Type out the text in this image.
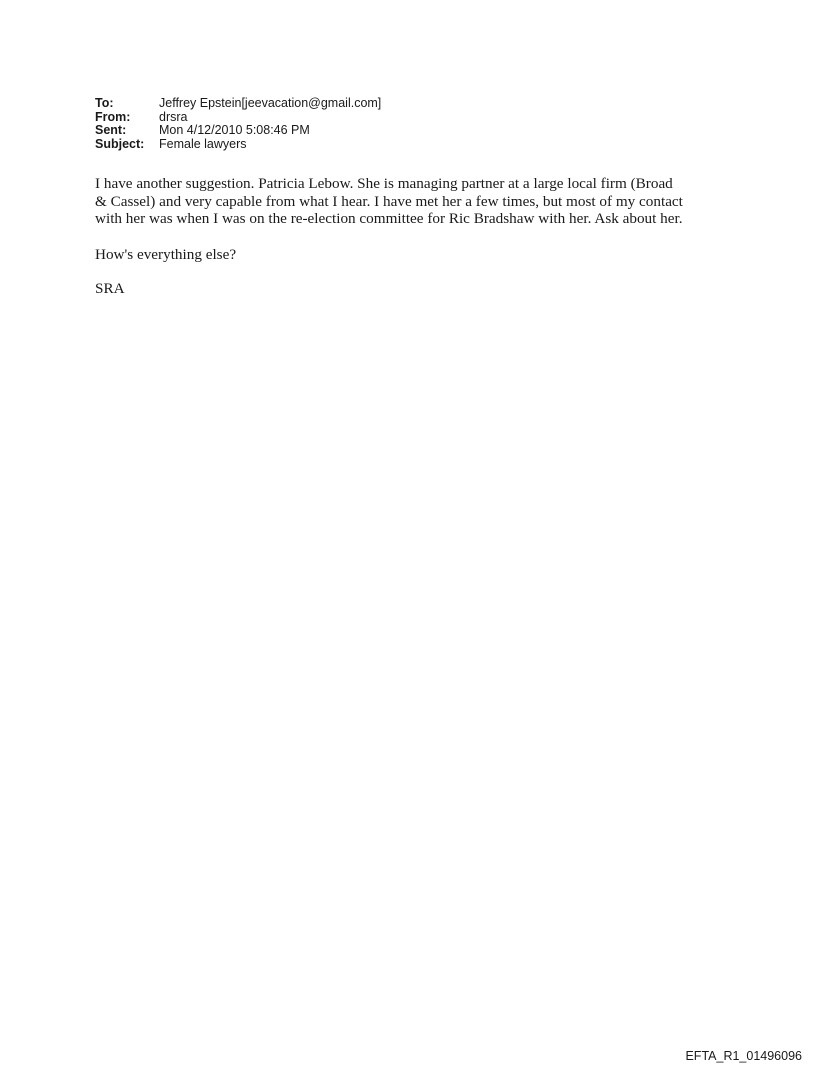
To:	Jeffrey Epstein[jeevacation@gmail.com]
From:	drsra
Sent:	Mon 4/12/2010 5:08:46 PM
Subject:	Female lawyers

I have another suggestion. Patricia Lebow. She is managing partner at a large local firm (Broad
& Cassel) and very capable from what I hear. I have met her a few times, but most of my contact
with her was when I was on the re-election committee for Ric Bradshaw with her. Ask about her.

How's everything else?

SRA

EFTA_R1_01496096
